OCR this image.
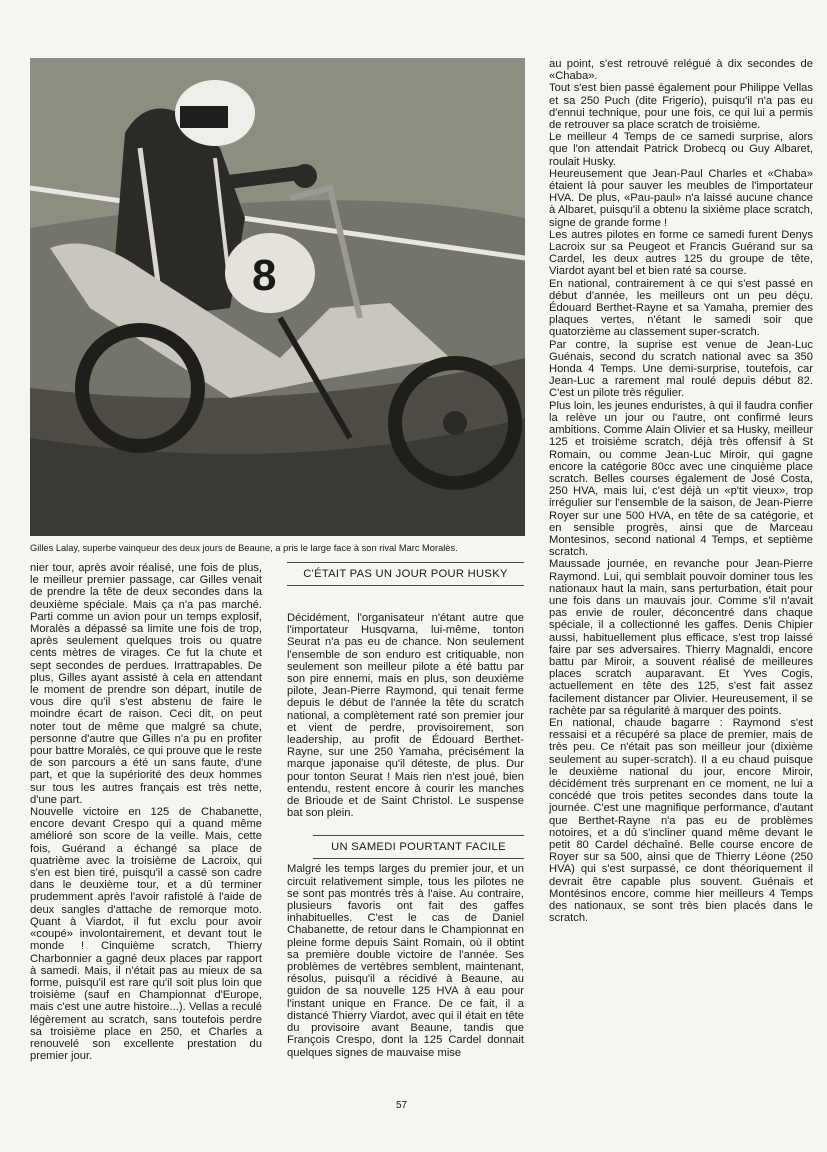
8
Gilles Lalay, superbe vainqueur des deux jours de Beaune, a pris le large face à son rival Marc Moralès.

nier tour, après avoir réalisé, une fois de plus, le meilleur premier passage, car Gilles venait de prendre la tête de deux secondes dans la deuxième spéciale. Mais ça n'a pas marché. Parti comme un avion pour un temps explosif, Moralès a dépassé sa limite une fois de trop, après seulement quelques trois ou quatre cents mètres de virages. Ce fut la chute et sept secondes de perdues. Irrattrapables. De plus, Gilles ayant assisté à cela en attendant le moment de prendre son départ, inutile de vous dire qu'il s'est abstenu de faire le moindre écart de raison. Ceci dit, on peut noter tout de même que malgré sa chute, personne d'autre que Gilles n'a pu en profiter pour battre Moralès, ce qui prouve que le reste de son parcours a été un sans faute, d'une part, et que la supériorité des deux hommes sur tous les autres français est très nette, d'une part.

Nouvelle victoire en 125 de Chabanette, encore devant Crespo qui a quand même amélioré son score de la veille. Mais, cette fois, Guérand a échangé sa place de quatrième avec la troisième de Lacroix, qui s'en est bien tiré, puisqu'il a cassé son cadre dans le deuxième tour, et a dû terminer prudemment après l'avoir rafistolé à l'aide de deux sangles d'attache de remorque moto. Quant à Viardot, il fut exclu pour avoir «coupé» involontairement, et devant tout le monde ! Cinquième scratch, Thierry Charbonnier a gagné deux places par rapport à samedi. Mais, il n'était pas au mieux de sa forme, puisqu'il est rare qu'il soit plus loin que troisième (sauf en Championnat d'Europe, mais c'est une autre histoire...). Vellas a reculé légèrement au scratch, sans toutefois perdre sa troisième place en 250, et Charles a renouvelé son excellente prestation du premier jour.

C'ÉTAIT PAS UN JOUR POUR HUSKY

Décidément, l'organisateur n'étant autre que l'importateur Husqvarna, lui-même, tonton Seurat n'a pas eu de chance. Non seulement l'ensemble de son enduro est critiquable, non seulement son meilleur pilote a été battu par son pire ennemi, mais en plus, son deuxième pilote, Jean-Pierre Raymond, qui tenait ferme depuis le début de l'année la tête du scratch national, a complètement raté son premier jour et vient de perdre, provisoirement, son leadership, au profit de Édouard Berthet-Rayne, sur une 250 Yamaha, précisément la marque japonaise qu'il déteste, de plus. Dur pour tonton Seurat ! Mais rien n'est joué, bien entendu, restent encore à courir les manches de Brioude et de Saint Christol. Le suspense bat son plein.

Malgré les temps larges du premier jour, et un circuit relativement simple, tous les pilotes ne se sont pas montrés très à l'aise. Au contraire, plusieurs favoris ont fait des gaffes inhabituelles. C'est le cas de Daniel Chabanette, de retour dans le Championnat en pleine forme depuis Saint Romain, où il obtint sa première double victoire de l'année. Ses problèmes de vertèbres semblent, maintenant, résolus, puisqu'il a récidivé à Beaune, au guidon de sa nouvelle 125 HVA à eau pour l'instant unique en France. De ce fait, il a distancé Thierry Viardot, avec qui il était en tête du provisoire avant Beaune, tandis que François Crespo, dont la 125 Cardel donnait quelques signes de mauvaise mise

UN SAMEDI POURTANT FACILE

au point, s'est retrouvé relégué à dix secondes de «Chaba».

Tout s'est bien passé également pour Philippe Vellas et sa 250 Puch (dite Frigerio), puisqu'il n'a pas eu d'ennui technique, pour une fois, ce qui lui a permis de retrouver sa place scratch de troisième.

Le meilleur 4 Temps de ce samedi surprise, alors que l'on attendait Patrick Drobecq ou Guy Albaret, roulait Husky.

Heureusement que Jean-Paul Charles et «Chaba» étaient là pour sauver les meubles de l'importateur HVA. De plus, «Pau-paul» n'a laissé aucune chance à Albaret, puisqu'il a obtenu la sixième place scratch, signe de grande forme !

Les autres pilotes en forme ce samedi furent Denys Lacroix sur sa Peugeot et Francis Guérand sur sa Cardel, les deux autres 125 du groupe de tête, Viardot ayant bel et bien raté sa course.

En national, contrairement à ce qui s'est passé en début d'année, les meilleurs ont un peu déçu. Édouard Berthet-Rayne et sa Yamaha, premier des plaques vertes, n'étant le samedi soir que quatorzième au classement super-scratch.

Par contre, la suprise est venue de Jean-Luc Guénais, second du scratch national avec sa 350 Honda 4 Temps. Une demi-surprise, toutefois, car Jean-Luc a rarement mal roulé depuis début 82. C'est un pilote très régulier.

Plus loin, les jeunes enduristes, à qui il faudra confier la relève un jour ou l'autre, ont confirmé leurs ambitions. Comme Alain Olivier et sa Husky, meilleur 125 et troisième scratch, déjà très offensif à St Romain, ou comme Jean-Luc Miroir, qui gagne encore la catégorie 80cc avec une cinquième place scratch. Belles courses également de José Costa, 250 HVA, mais lui, c'est déjà un «p'tit vieux», trop irrégulier sur l'ensemble de la saison, de Jean-Pierre Royer sur une 500 HVA, en tête de sa catégorie, et en sensible progrès, ainsi que de Marceau Montesinos, second national 4 Temps, et septième scratch.

Maussade journée, en revanche pour Jean-Pierre Raymond. Lui, qui semblait pouvoir dominer tous les nationaux haut la main, sans perturbation, était pour une fois dans un mauvais jour. Comme s'il n'avait pas envie de rouler, déconcentré dans chaque spéciale, il a collectionné les gaffes. Denis Chipier aussi, habituellement plus efficace, s'est trop laissé faire par ses adversaires. Thierry Magnaldi, encore battu par Miroir, a souvent réalisé de meilleures places scratch auparavant. Et Yves Cogis, actuellement en tête des 125, s'est fait assez facilement distancer par Olivier. Heureusement, il se rachète par sa régularité à marquer des points.

En national, chaude bagarre : Raymond s'est ressaisi et a récupéré sa place de premier, mais de très peu. Ce n'était pas son meilleur jour (dixième seulement au super-scratch). Il a eu chaud puisque le deuxième national du jour, encore Miroir, décidément très surprenant en ce moment, ne lui a concédé que trois petites secondes dans toute la journée. C'est une magnifique performance, d'autant que Berthet-Rayne n'a pas eu de problèmes notoires, et a dû s'incliner quand même devant le petit 80 Cardel déchaîné. Belle course encore de Royer sur sa 500, ainsi que de Thierry Léone (250 HVA) qui s'est surpassé, ce dont théoriquement il devrait être capable plus souvent. Guénais et Montésinos encore, comme hier meilleurs 4 Temps des nationaux, se sont très bien placés dans le scratch.

57
